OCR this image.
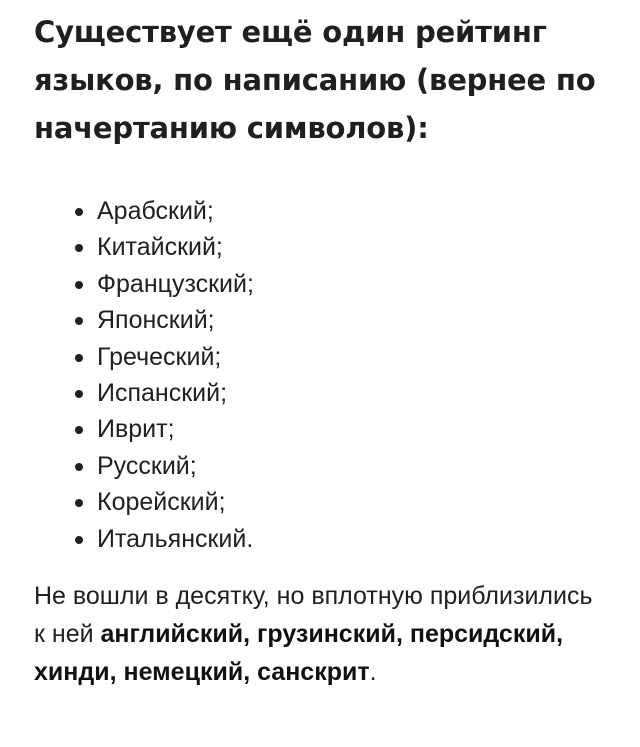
Существует ещё один рейтинг языков, по написанию (вернее по начертанию символов):
Арабский;
Китайский;
Французский;
Японский;
Греческий;
Испанский;
Иврит;
Русский;
Корейский;
Итальянский.

Не вошли в десятку, но вплотную приблизились к ней английский, грузинский, персидский, хинди, немецкий, санскрит.
